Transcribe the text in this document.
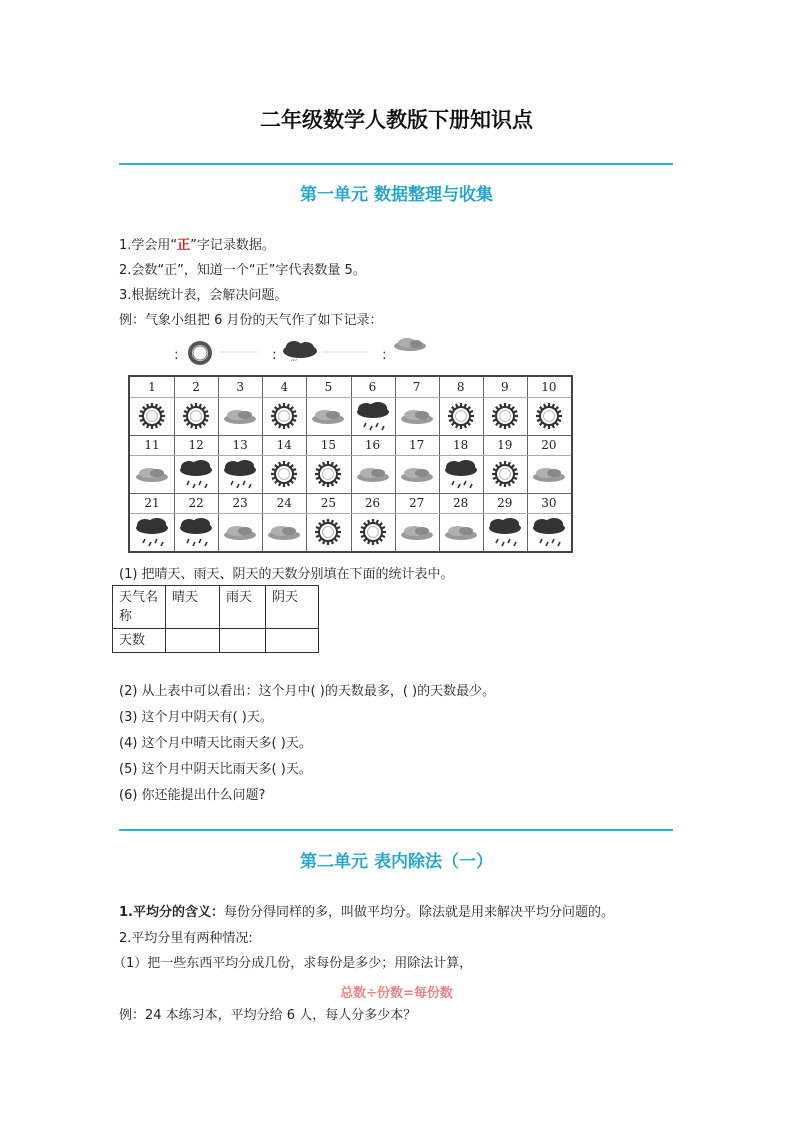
二年级数学人教版下册知识点
第一单元 数据整理与收集
1.学会用“正”字记录数据。
2.会数“正”，知道一个“正”字代表数量 5。
3.根据统计表，会解决问题。
例：气象小组把 6 月份的天气作了如下记录：
:	:
′′′
:
1	2	3	4	5	6	7	8	9	10
11	12	13	14	15	16	17	18	19	20
21	22	23	24	25	26	27	28	29	30
(1) 把晴天、雨天、阴天的天数分别填在下面的统计表中。
天气名称	晴天	雨天	阴天
天数			
(2) 从上表中可以看出：这个月中( )的天数最多，( )的天数最少。
(3) 这个月中阴天有( )天。
(4) 这个月中晴天比雨天多( )天。
(5) 这个月中阴天比雨天多( )天。
(6) 你还能提出什么问题?
第二单元 表内除法（一）
1.平均分的含义：每份分得同样的多，叫做平均分。除法就是用来解决平均分问题的。
2.平均分里有两种情况:
（1）把一些东西平均分成几份，求每份是多少；用除法计算，
总数÷份数=每份数
例：24 本练习本，平均分给 6 人，每人分多少本？
